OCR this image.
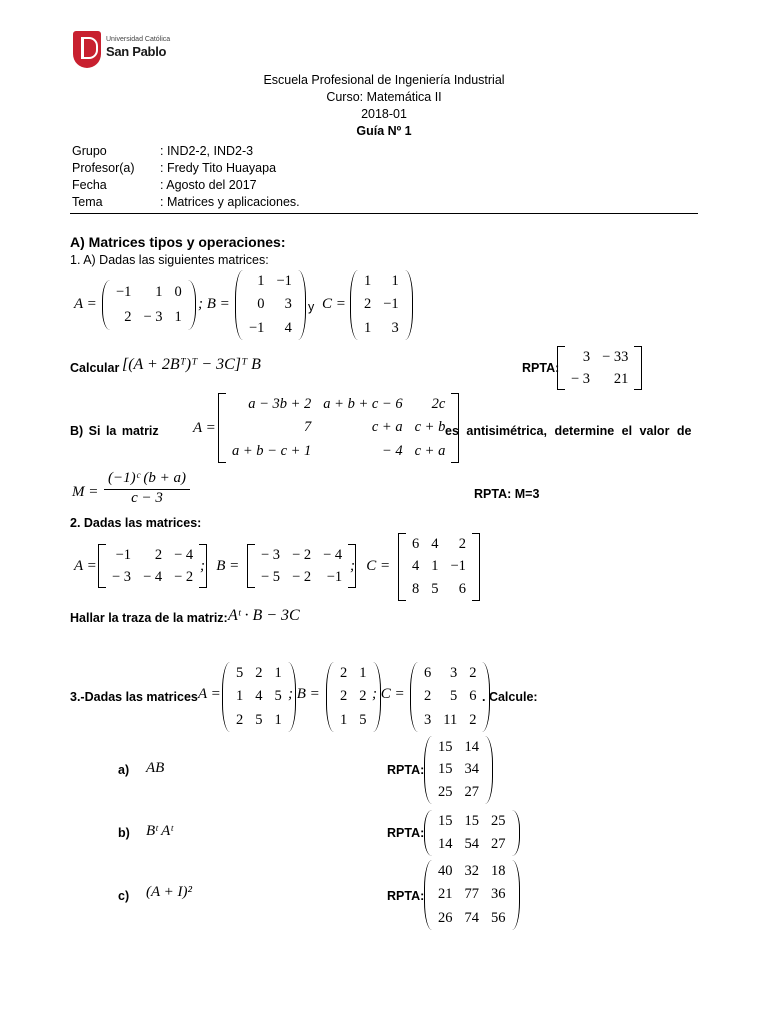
Universidad Católica
San Pablo
Escuela Profesional de Ingeniería Industrial
Curso: Matemática II
2018-01
Guía Nº 1
Grupo	: IND2-2, IND2-3
Profesor(a) : Fredy Tito Huayapa
Fecha	: Agosto del 2017
Tema	: Matrices y aplicaciones.
A) Matrices tipos y operaciones:
1. A) Dadas las siguientes matrices:
A =
−1	1	0
2	− 3	1
; B =
1	−1
0	3
−1	4
y C =
1	1
2	−1
1	3
Calcular [(A + 2Bᵀ)ᵀ − 3C]ᵀ B	RPTA:
3	− 33
− 3	21
B) Si la matriz A =
a − 3b + 2	a + b + c − 6	2c
7	c + a	c + b
a + b − c + 1	− 4	c + a
es antisimétrica, determine el valor de
$M = \frac{\text{(−1)ᶜ (b + a)}}{c - 3}$	RPTA: M=3
2. Dadas las matrices:
A =
−1	2	− 4
− 3	− 4	− 2
;   B =
− 3	− 2	− 4
− 5	− 2	−1
;   C =
6	4	2
4	1	−1
8	5	6
Hallar la traza de la matriz: Aᵗ · B − 3C
3.-Dadas las matrices A =
5	2	1
1	4	5
2	5	1
; B =
2	1
2	2
1	5
; C =
6	3	2
2	5	6
3	11	2
. Calcule:
a) AB	RPTA:
15	14
15	34
25	27
b) Bᵗ Aᵗ	RPTA:
15	15	25
14	54	27
c) (A + I)²	RPTA:
40	32	18
21	77	36
26	74	56
